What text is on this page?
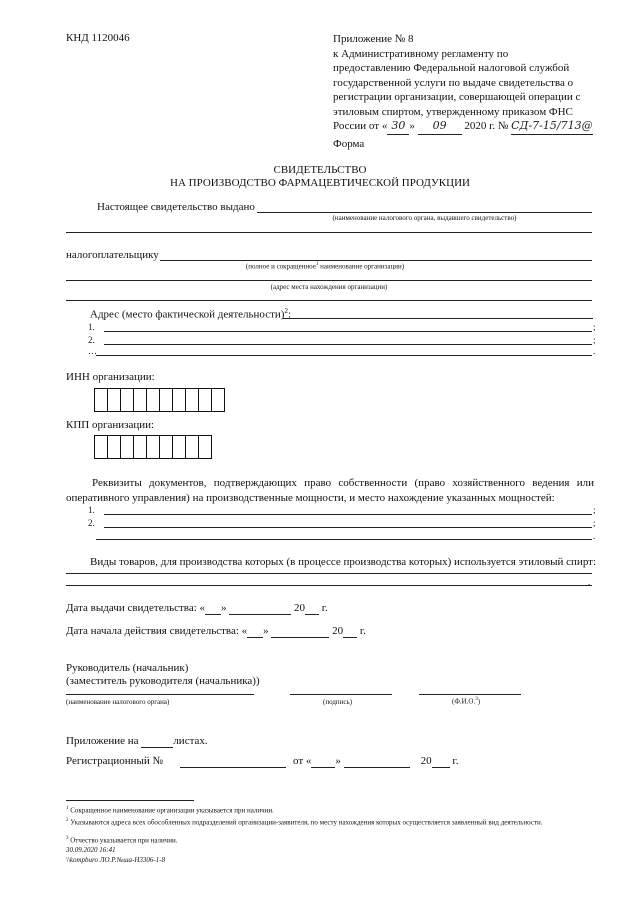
КНД 1120046	Приложение № 8
к Административному регламенту по
предоставлению Федеральной налоговой службой
государственной услуги по выдаче свидетельства о
регистрации организации, совершающей операции с
этиловым спиртом, утвержденному приказом ФНС
России от « 30 » 09 2020 г. № СД-7-15/713@
Форма
СВИДЕТЕЛЬСТВО
НА ПРОИЗВОДСТВО ФАРМАЦЕВТИЧЕСКОЙ ПРОДУКЦИИ
Настоящее свидетельство выдано
(наименование налогового органа, выдавшего свидетельство)
налогоплательщику
(полное и сокращенное$^1$ наименование организации)
(адрес места нахождения организации)
Адрес (место фактической деятельности)$^2$:
1.	;
2.	;
…	.
ИНН организации:
КПП организации:
Реквизиты документов, подтверждающих право собственности (право хозяйственного ведения или оперативного управления) на производственные мощности, и место нахождение указанных мощностей:
1.	;
2.	;
.
Виды товаров, для производства которых (в процессе производства которых) используется этиловый спирт:
.
Дата выдачи свидетельства: « »	20 г.
Дата начала действия свидетельства: « »	20 г.
Руководитель (начальник)
(заместитель руководителя (начальника))
(наименование налогового органа)	(подпись)	(Ф.И.О.$^3$)
Приложение на	листах.
Регистрационный №	от « »	20 г.
$^1$ Сокращенное наименование организации указывается при наличии.
$^2$ Указываются адреса всех обособленных подразделений организации-заявителя, по месту нахождения которых осуществляется заявленный вид деятельности.
$^3$ Отчество указывается при наличии.
30.09.2020 16:41
\\kompburo ЛО.Р.№ша-Н3306-1-8
